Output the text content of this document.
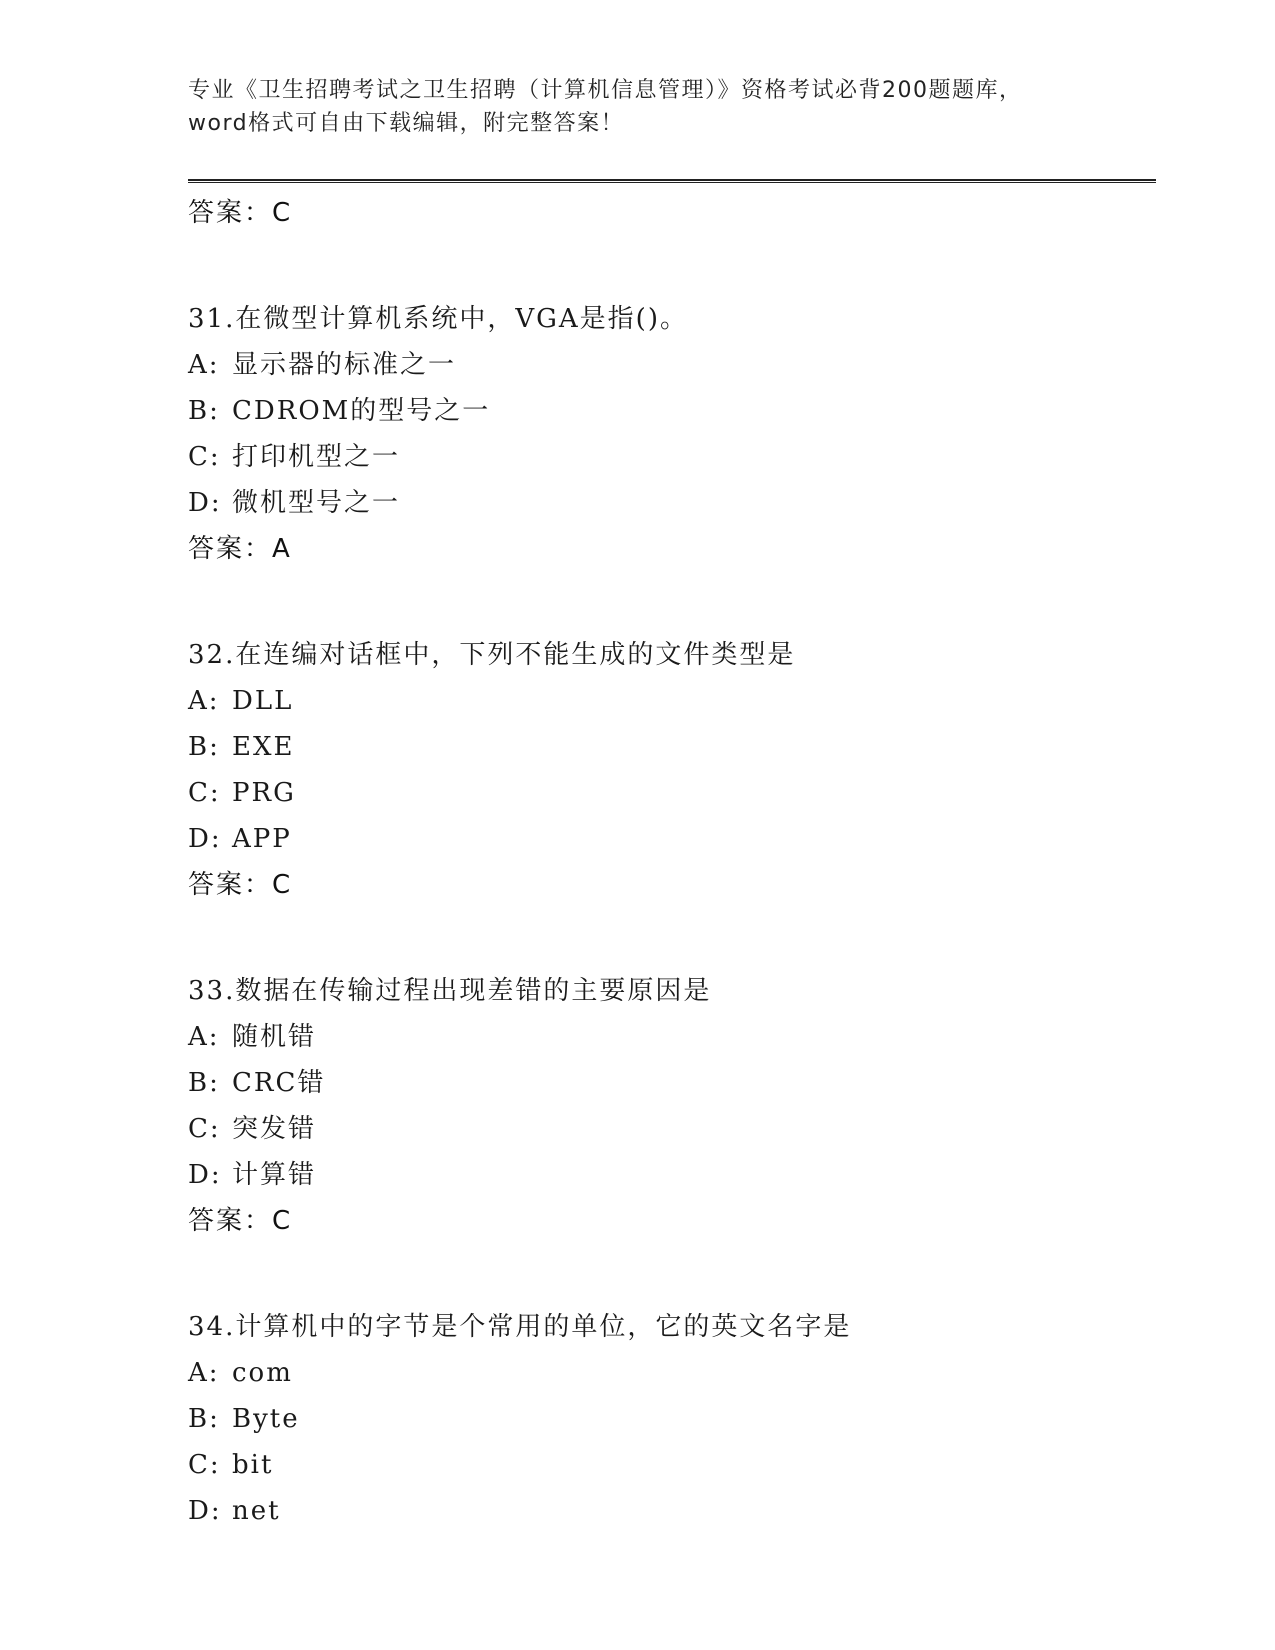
专业《卫生招聘考试之卫生招聘（计算机信息管理）》资格考试必背200题题库，
word格式可自由下载编辑，附完整答案！
答案：C
31.在微型计算机系统中，VGA是指()。
A: 显示器的标准之一
B: CDROM的型号之一
C: 打印机型之一
D: 微机型号之一
答案：A
32.在连编对话框中，下列不能生成的文件类型是
A: DLL
B: EXE
C: PRG
D: APP
答案：C
33.数据在传输过程出现差错的主要原因是
A: 随机错
B: CRC错
C: 突发错
D: 计算错
答案：C
34.计算机中的字节是个常用的单位，它的英文名字是
A: com
B: Byte
C: bit
D: net
